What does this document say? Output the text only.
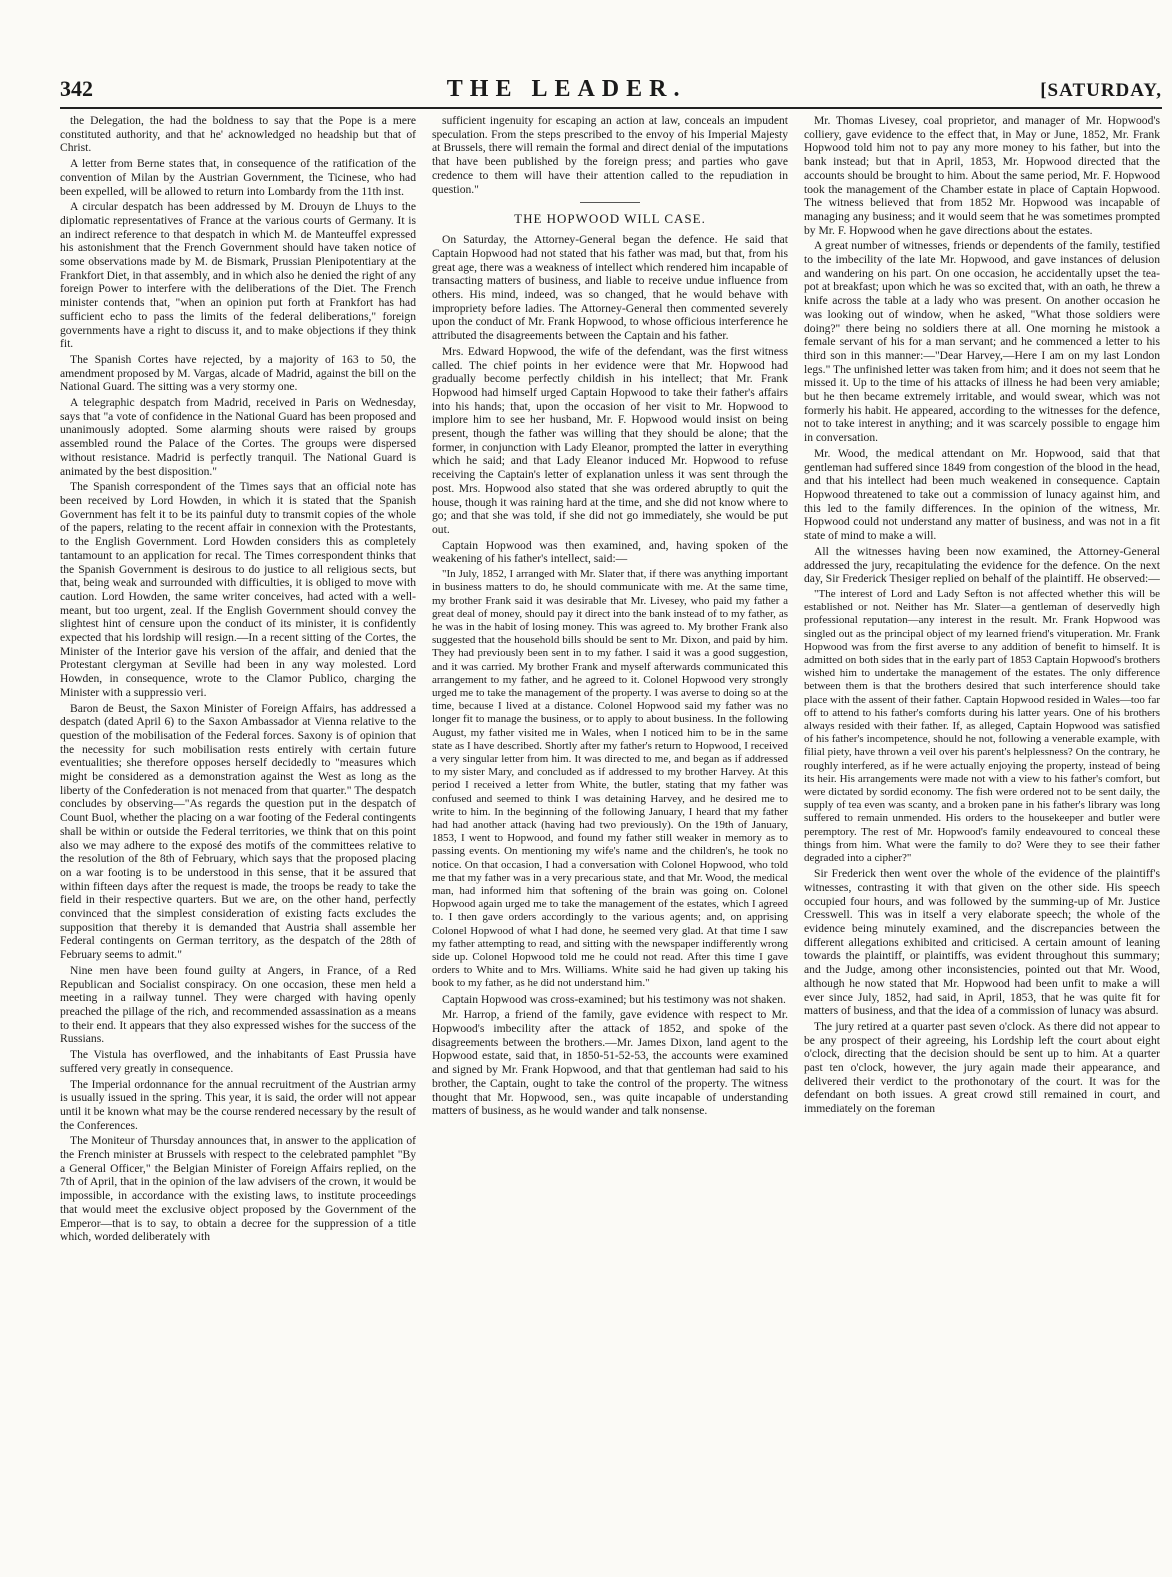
342	THE LEADER.	[SATURDAY,

the Delegation, the had the boldness to say that the Pope is a mere constituted authority, and that he' acknowledged no headship but that of Christ.

A letter from Berne states that, in consequence of the ratification of the convention of Milan by the Austrian Government, the Ticinese, who had been expelled, will be allowed to return into Lombardy from the 11th inst.

A circular despatch has been addressed by M. Drouyn de Lhuys to the diplomatic representatives of France at the various courts of Germany. It is an indirect reference to that despatch in which M. de Manteuffel expressed his astonishment that the French Government should have taken notice of some observations made by M. de Bismark, Prussian Plenipotentiary at the Frankfort Diet, in that assembly, and in which also he denied the right of any foreign Power to interfere with the deliberations of the Diet. The French minister contends that, "when an opinion put forth at Frankfort has had sufficient echo to pass the limits of the federal deliberations," foreign governments have a right to discuss it, and to make objections if they think fit.

The Spanish Cortes have rejected, by a majority of 163 to 50, the amendment proposed by M. Vargas, alcade of Madrid, against the bill on the National Guard. The sitting was a very stormy one.

A telegraphic despatch from Madrid, received in Paris on Wednesday, says that "a vote of confidence in the National Guard has been proposed and unanimously adopted. Some alarming shouts were raised by groups assembled round the Palace of the Cortes. The groups were dispersed without resistance. Madrid is perfectly tranquil. The National Guard is animated by the best disposition."

The Spanish correspondent of the Times says that an official note has been received by Lord Howden, in which it is stated that the Spanish Government has felt it to be its painful duty to transmit copies of the whole of the papers, relating to the recent affair in connexion with the Protestants, to the English Government. Lord Howden considers this as completely tantamount to an application for recal. The Times correspondent thinks that the Spanish Government is desirous to do justice to all religious sects, but that, being weak and surrounded with difficulties, it is obliged to move with caution. Lord Howden, the same writer conceives, had acted with a well-meant, but too urgent, zeal. If the English Government should convey the slightest hint of censure upon the conduct of its minister, it is confidently expected that his lordship will resign.—In a recent sitting of the Cortes, the Minister of the Interior gave his version of the affair, and denied that the Protestant clergyman at Seville had been in any way molested. Lord Howden, in consequence, wrote to the Clamor Publico, charging the Minister with a suppressio veri.

Baron de Beust, the Saxon Minister of Foreign Affairs, has addressed a despatch (dated April 6) to the Saxon Ambassador at Vienna relative to the question of the mobilisation of the Federal forces. Saxony is of opinion that the necessity for such mobilisation rests entirely with certain future eventualities; she therefore opposes herself decidedly to "measures which might be considered as a demonstration against the West as long as the liberty of the Confederation is not menaced from that quarter." The despatch concludes by observing—"As regards the question put in the despatch of Count Buol, whether the placing on a war footing of the Federal contingents shall be within or outside the Federal territories, we think that on this point also we may adhere to the exposé des motifs of the committees relative to the resolution of the 8th of February, which says that the proposed placing on a war footing is to be understood in this sense, that it be assured that within fifteen days after the request is made, the troops be ready to take the field in their respective quarters. But we are, on the other hand, perfectly convinced that the simplest consideration of existing facts excludes the supposition that thereby it is demanded that Austria shall assemble her Federal contingents on German territory, as the despatch of the 28th of February seems to admit."

Nine men have been found guilty at Angers, in France, of a Red Republican and Socialist conspiracy. On one occasion, these men held a meeting in a railway tunnel. They were charged with having openly preached the pillage of the rich, and recommended assassination as a means to their end. It appears that they also expressed wishes for the success of the Russians.

The Vistula has overflowed, and the inhabitants of East Prussia have suffered very greatly in consequence.

The Imperial ordonnance for the annual recruitment of the Austrian army is usually issued in the spring. This year, it is said, the order will not appear until it be known what may be the course rendered necessary by the result of the Conferences.

The Moniteur of Thursday announces that, in answer to the application of the French minister at Brussels with respect to the celebrated pamphlet "By a General Officer," the Belgian Minister of Foreign Affairs replied, on the 7th of April, that in the opinion of the law advisers of the crown, it would be impossible, in accordance with the existing laws, to institute proceedings that would meet the exclusive object proposed by the Government of the Emperor—that is to say, to obtain a decree for the suppression of a title which, worded deliberately with

sufficient ingenuity for escaping an action at law, conceals an impudent speculation. From the steps prescribed to the envoy of his Imperial Majesty at Brussels, there will remain the formal and direct denial of the imputations that have been published by the foreign press; and parties who gave credence to them will have their attention called to the repudiation in question."

THE HOPWOOD WILL CASE.

On Saturday, the Attorney-General began the defence. He said that Captain Hopwood had not stated that his father was mad, but that, from his great age, there was a weakness of intellect which rendered him incapable of transacting matters of business, and liable to receive undue influence from others. His mind, indeed, was so changed, that he would behave with impropriety before ladies. The Attorney-General then commented severely upon the conduct of Mr. Frank Hopwood, to whose officious interference he attributed the disagreements between the Captain and his father.

Mrs. Edward Hopwood, the wife of the defendant, was the first witness called. The chief points in her evidence were that Mr. Hopwood had gradually become perfectly childish in his intellect; that Mr. Frank Hopwood had himself urged Captain Hopwood to take their father's affairs into his hands; that, upon the occasion of her visit to Mr. Hopwood to implore him to see her husband, Mr. F. Hopwood would insist on being present, though the father was willing that they should be alone; that the former, in conjunction with Lady Eleanor, prompted the latter in everything which he said; and that Lady Eleanor induced Mr. Hopwood to refuse receiving the Captain's letter of explanation unless it was sent through the post. Mrs. Hopwood also stated that she was ordered abruptly to quit the house, though it was raining hard at the time, and she did not know where to go; and that she was told, if she did not go immediately, she would be put out.

Captain Hopwood was then examined, and, having spoken of the weakening of his father's intellect, said:—

"In July, 1852, I arranged with Mr. Slater that, if there was anything important in business matters to do, he should communicate with me. At the same time, my brother Frank said it was desirable that Mr. Livesey, who paid my father a great deal of money, should pay it direct into the bank instead of to my father, as he was in the habit of losing money. This was agreed to. My brother Frank also suggested that the household bills should be sent to Mr. Dixon, and paid by him. They had previously been sent in to my father. I said it was a good suggestion, and it was carried. My brother Frank and myself afterwards communicated this arrangement to my father, and he agreed to it. Colonel Hopwood very strongly urged me to take the management of the property. I was averse to doing so at the time, because I lived at a distance. Colonel Hopwood said my father was no longer fit to manage the business, or to apply to about business. In the following August, my father visited me in Wales, when I noticed him to be in the same state as I have described. Shortly after my father's return to Hopwood, I received a very singular letter from him. It was directed to me, and began as if addressed to my sister Mary, and concluded as if addressed to my brother Harvey. At this period I received a letter from White, the butler, stating that my father was confused and seemed to think I was detaining Harvey, and he desired me to write to him. In the beginning of the following January, I heard that my father had had another attack (having had two previously). On the 19th of January, 1853, I went to Hopwood, and found my father still weaker in memory as to passing events. On mentioning my wife's name and the children's, he took no notice. On that occasion, I had a conversation with Colonel Hopwood, who told me that my father was in a very precarious state, and that Mr. Wood, the medical man, had informed him that softening of the brain was going on. Colonel Hopwood again urged me to take the management of the estates, which I agreed to. I then gave orders accordingly to the various agents; and, on apprising Colonel Hopwood of what I had done, he seemed very glad. At that time I saw my father attempting to read, and sitting with the newspaper indifferently wrong side up. Colonel Hopwood told me he could not read. After this time I gave orders to White and to Mrs. Williams. White said he had given up taking his book to my father, as he did not understand him."

Captain Hopwood was cross-examined; but his testimony was not shaken.

Mr. Harrop, a friend of the family, gave evidence with respect to Mr. Hopwood's imbecility after the attack of 1852, and spoke of the disagreements between the brothers.—Mr. James Dixon, land agent to the Hopwood estate, said that, in 1850-51-52-53, the accounts were examined and signed by Mr. Frank Hopwood, and that that gentleman had said to his brother, the Captain, ought to take the control of the property. The witness thought that Mr. Hopwood, sen., was quite incapable of understanding matters of business, as he would wander and talk nonsense.

Mr. Thomas Livesey, coal proprietor, and manager of Mr. Hopwood's colliery, gave evidence to the effect that, in May or June, 1852, Mr. Frank Hopwood told him not to pay any more money to his father, but into the bank instead; but that in April, 1853, Mr. Hopwood directed that the accounts should be brought to him. About the same period, Mr. F. Hopwood took the management of the Chamber estate in place of Captain Hopwood. The witness believed that from 1852 Mr. Hopwood was incapable of managing any business; and it would seem that he was sometimes prompted by Mr. F. Hopwood when he gave directions about the estates.

A great number of witnesses, friends or dependents of the family, testified to the imbecility of the late Mr. Hopwood, and gave instances of delusion and wandering on his part. On one occasion, he accidentally upset the tea-pot at breakfast; upon which he was so excited that, with an oath, he threw a knife across the table at a lady who was present. On another occasion he was looking out of window, when he asked, "What those soldiers were doing?" there being no soldiers there at all. One morning he mistook a female servant of his for a man servant; and he commenced a letter to his third son in this manner:—"Dear Harvey,—Here I am on my last London legs." The unfinished letter was taken from him; and it does not seem that he missed it. Up to the time of his attacks of illness he had been very amiable; but he then became extremely irritable, and would swear, which was not formerly his habit. He appeared, according to the witnesses for the defence, not to take interest in anything; and it was scarcely possible to engage him in conversation.

Mr. Wood, the medical attendant on Mr. Hopwood, said that that gentleman had suffered since 1849 from congestion of the blood in the head, and that his intellect had been much weakened in consequence. Captain Hopwood threatened to take out a commission of lunacy against him, and this led to the family differences. In the opinion of the witness, Mr. Hopwood could not understand any matter of business, and was not in a fit state of mind to make a will.

All the witnesses having been now examined, the Attorney-General addressed the jury, recapitulating the evidence for the defence. On the next day, Sir Frederick Thesiger replied on behalf of the plaintiff. He observed:—

"The interest of Lord and Lady Sefton is not affected whether this will be established or not. Neither has Mr. Slater—a gentleman of deservedly high professional reputation—any interest in the result. Mr. Frank Hopwood was singled out as the principal object of my learned friend's vituperation. Mr. Frank Hopwood was from the first averse to any addition of benefit to himself. It is admitted on both sides that in the early part of 1853 Captain Hopwood's brothers wished him to undertake the management of the estates. The only difference between them is that the brothers desired that such interference should take place with the assent of their father. Captain Hopwood resided in Wales—too far off to attend to his father's comforts during his latter years. One of his brothers always resided with their father. If, as alleged, Captain Hopwood was satisfied of his father's incompetence, should he not, following a venerable example, with filial piety, have thrown a veil over his parent's helplessness? On the contrary, he roughly interfered, as if he were actually enjoying the property, instead of being its heir. His arrangements were made not with a view to his father's comfort, but were dictated by sordid economy. The fish were ordered not to be sent daily, the supply of tea even was scanty, and a broken pane in his father's library was long suffered to remain unmended. His orders to the housekeeper and butler were peremptory. The rest of Mr. Hopwood's family endeavoured to conceal these things from him. What were the family to do? Were they to see their father degraded into a cipher?"

Sir Frederick then went over the whole of the evidence of the plaintiff's witnesses, contrasting it with that given on the other side. His speech occupied four hours, and was followed by the summing-up of Mr. Justice Cresswell. This was in itself a very elaborate speech; the whole of the evidence being minutely examined, and the discrepancies between the different allegations exhibited and criticised. A certain amount of leaning towards the plaintiff, or plaintiffs, was evident throughout this summary; and the Judge, among other inconsistencies, pointed out that Mr. Wood, although he now stated that Mr. Hopwood had been unfit to make a will ever since July, 1852, had said, in April, 1853, that he was quite fit for matters of business, and that the idea of a commission of lunacy was absurd.

The jury retired at a quarter past seven o'clock. As there did not appear to be any prospect of their agreeing, his Lordship left the court about eight o'clock, directing that the decision should be sent up to him. At a quarter past ten o'clock, however, the jury again made their appearance, and delivered their verdict to the prothonotary of the court. It was for the defendant on both issues. A great crowd still remained in court, and immediately on the foreman
